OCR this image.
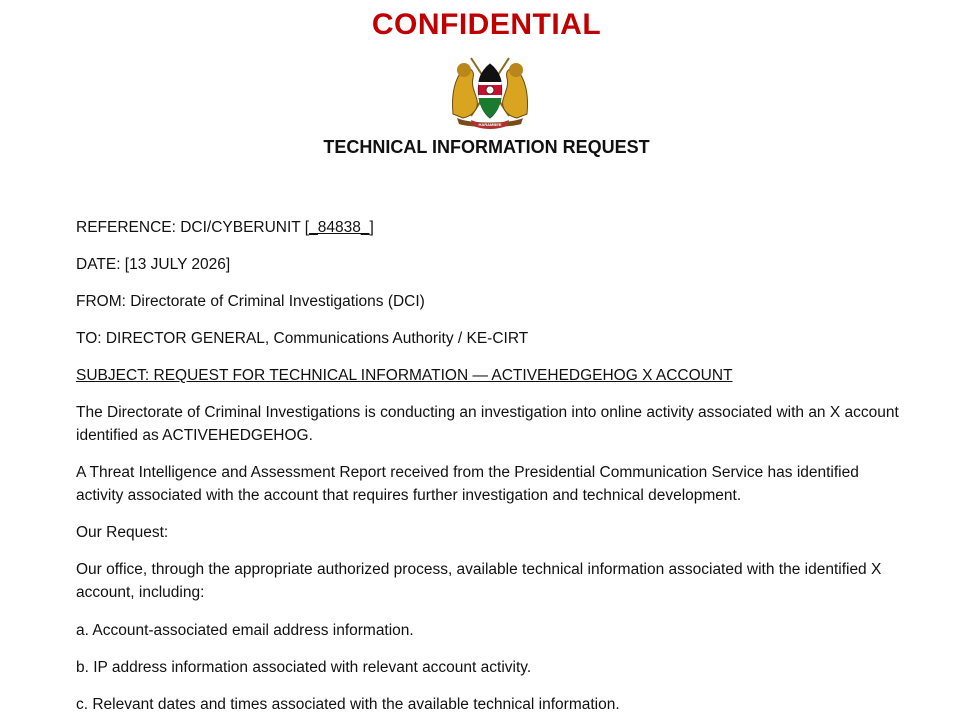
CONFIDENTIAL
HARAMBEE
TECHNICAL INFORMATION REQUEST
REFERENCE: DCI/CYBERUNIT [_84838_]
DATE: [13 JULY 2026]
FROM: Directorate of Criminal Investigations (DCI)
TO: DIRECTOR GENERAL, Communications Authority / KE-CIRT
SUBJECT: REQUEST FOR TECHNICAL INFORMATION — ACTIVEHEDGEHOG X ACCOUNT
The Directorate of Criminal Investigations is conducting an investigation into online activity associated with an X account identified as ACTIVEHEDGEHOG.
A Threat Intelligence and Assessment Report received from the Presidential Communication Service has identified activity associated with the account that requires further investigation and technical development.
Our Request:
Our office, through the appropriate authorized process, available technical information associated with the identified X account, including:
a. Account-associated email address information.
b. IP address information associated with relevant account activity.
c. Relevant dates and times associated with the available technical information.
